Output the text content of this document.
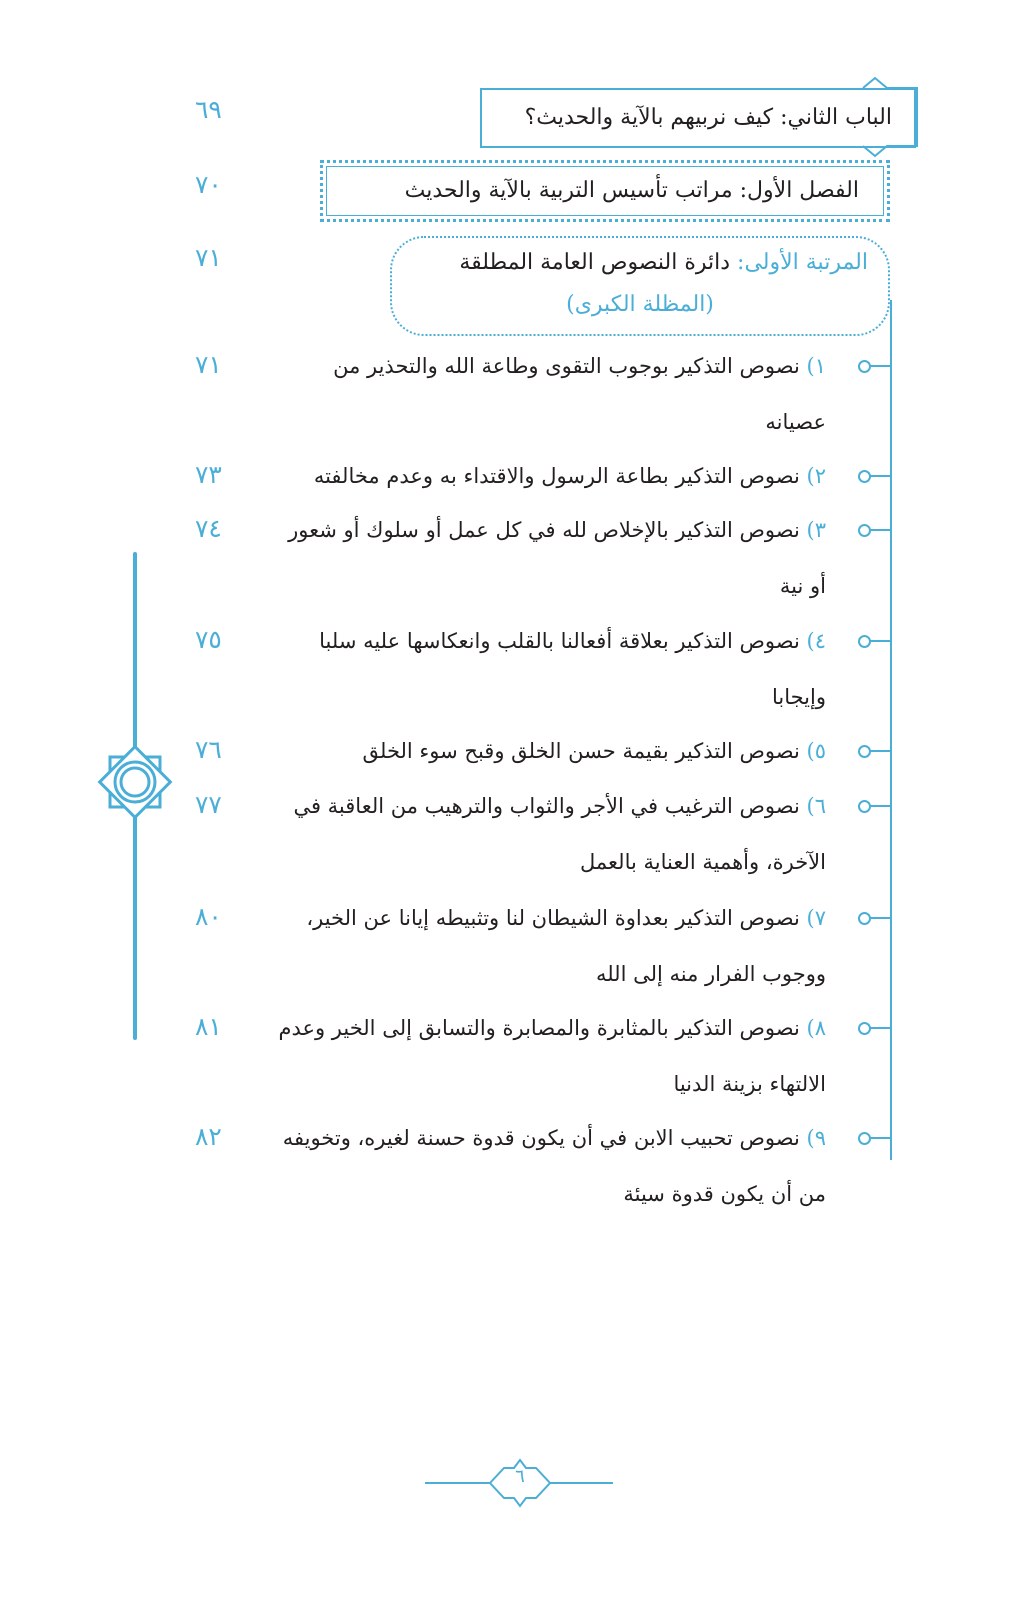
الباب الثاني: كيف نربيهم بالآية والحديث؟
٦٩
الفصل الأول: مراتب تأسيس التربية بالآية والحديث
٧٠
المرتبة الأولى: دائرة النصوص العامة المطلقة
(المظلة الكبرى)
٧١
١) نصوص التذكير بوجوب التقوى وطاعة الله والتحذير من عصيانه
٧١
٢) نصوص التذكير بطاعة الرسول والاقتداء به وعدم مخالفته
٧٣
٣) نصوص التذكير بالإخلاص لله في كل عمل أو سلوك أو شعور أو نية
٧٤
٤) نصوص التذكير بعلاقة أفعالنا بالقلب وانعكاسها عليه سلبا وإيجابا
٧٥
٥) نصوص التذكير بقيمة حسن الخلق وقبح سوء الخلق
٧٦
٦) نصوص الترغيب في الأجر والثواب والترهيب من العاقبة في الآخرة، وأهمية العناية بالعمل
٧٧
٧) نصوص التذكير بعداوة الشيطان لنا وتثبيطه إيانا عن الخير، ووجوب الفرار منه إلى الله
٨٠
٨) نصوص التذكير بالمثابرة والمصابرة والتسابق إلى الخير وعدم الالتهاء بزينة الدنيا
٨١
٩) نصوص تحبيب الابن في أن يكون قدوة حسنة لغيره، وتخويفه من أن يكون قدوة سيئة
٨٢
٦
